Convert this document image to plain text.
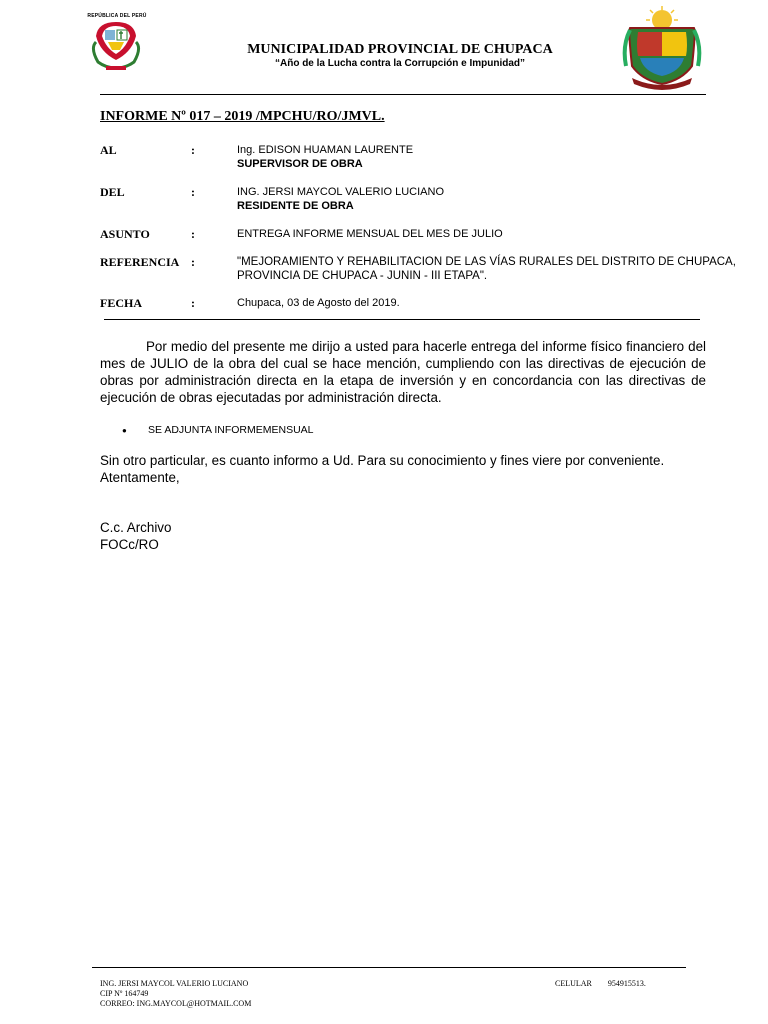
REPÚBLICA DEL PERÚ
MUNICIPALIDAD PROVINCIAL DE CHUPACA
“Año de la Lucha contra la Corrupción e Impunidad”
INFORME Nº 017 – 2019 /MPCHU/RO/JMVL.
AL	:	Ing. EDISON HUAMAN LAURENTE
SUPERVISOR DE OBRA
DEL	:	ING. JERSI MAYCOL VALERIO LUCIANO
RESIDENTE DE OBRA
ASUNTO	:	ENTREGA INFORME MENSUAL DEL MES DE JULIO
REFERENCIA :	"MEJORAMIENTO Y REHABILITACION DE LAS VÍAS RURALES DEL DISTRITO DE CHUPACA,
PROVINCIA DE CHUPACA - JUNIN - III ETAPA".
FECHA	:	Chupaca, 03 de Agosto del 2019.
Por medio del presente me dirijo a usted para hacerle entrega del informe físico financiero del mes de JULIO de la obra del cual se hace mención, cumpliendo con las directivas de ejecución de obras por administración directa en la etapa de inversión y en concordancia con las directivas de ejecución de obras ejecutadas por administración directa.
● SE ADJUNTA INFORMEMENSUAL
Sin otro particular, es cuanto informo a Ud. Para su conocimiento y fines viere por conveniente.
Atentamente,
C.c. Archivo
FOCc/RO
ING. JERSI MAYCOL VALERIO LUCIANO
CIP Nº 164749
CORREO: ING.MAYCOL@HOTMAIL.COM
CELULAR 954915513.
